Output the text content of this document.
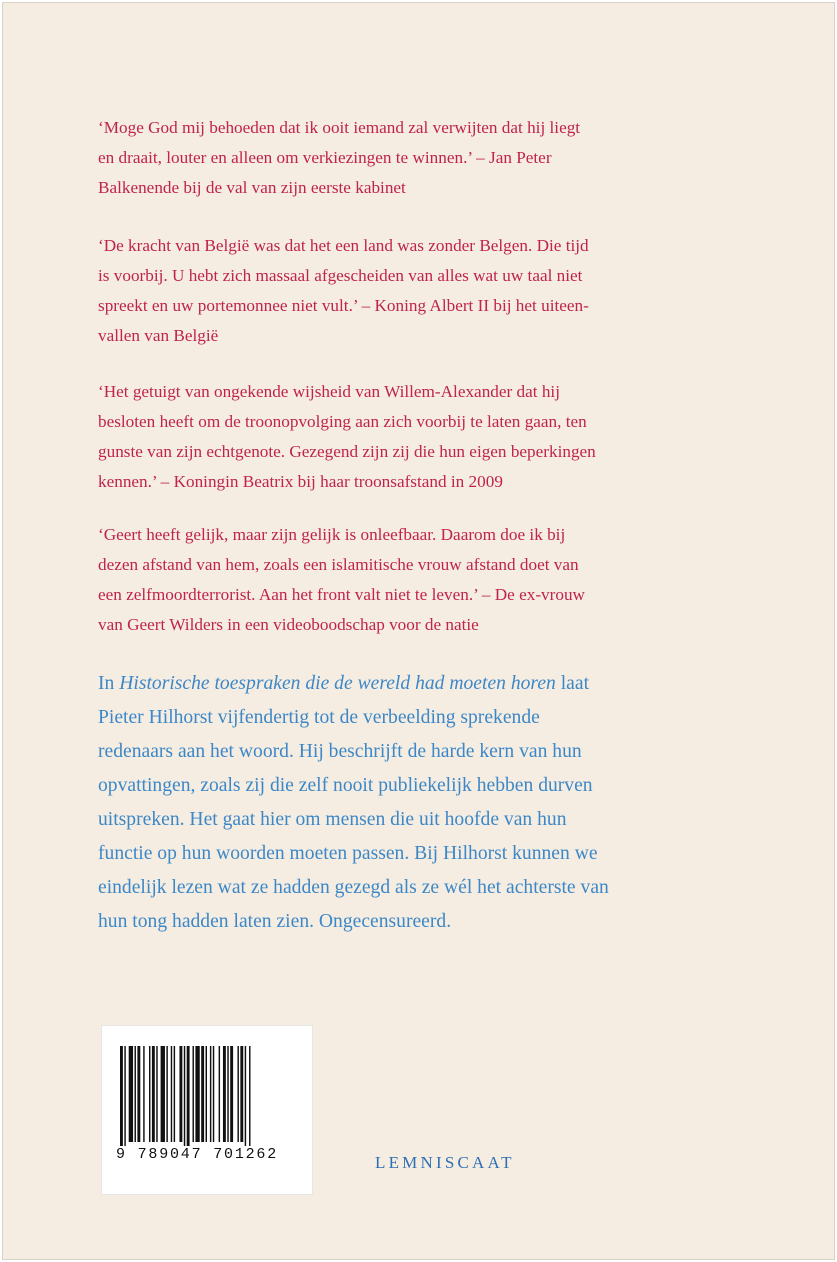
‘Moge God mij behoeden dat ik ooit iemand zal verwijten dat hij liegt
en draait, louter en alleen om verkiezingen te winnen.’ – Jan Peter
Balkenende bij de val van zijn eerste kabinet

‘De kracht van België was dat het een land was zonder Belgen. Die tijd
is voorbij. U hebt zich massaal afgescheiden van alles wat uw taal niet
spreekt en uw portemonnee niet vult.’ – Koning Albert II bij het uiteen-
vallen van België

‘Het getuigt van ongekende wijsheid van Willem-Alexander dat hij
besloten heeft om de troonopvolging aan zich voorbij te laten gaan, ten
gunste van zijn echtgenote. Gezegend zijn zij die hun eigen beperkingen
kennen.’ – Koningin Beatrix bij haar troonsafstand in 2009

‘Geert heeft gelijk, maar zijn gelijk is onleefbaar. Daarom doe ik bij
dezen afstand van hem, zoals een islamitische vrouw afstand doet van
een zelfmoordterrorist. Aan het front valt niet te leven.’ – De ex-vrouw
van Geert Wilders in een videoboodschap voor de natie

In Historische toespraken die de wereld had moeten horen laat
Pieter Hilhorst vijfendertig tot de verbeelding sprekende
redenaars aan het woord. Hij beschrijft de harde kern van hun
opvattingen, zoals zij die zelf nooit publiekelijk hebben durven
uitspreken. Het gaat hier om mensen die uit hoofde van hun
functie op hun woorden moeten passen. Bij Hilhorst kunnen we
eindelijk lezen wat ze hadden gezegd als ze wél het achterste van
hun tong hadden laten zien. Ongecensureerd.

9 789047 701262	LEMNISCAAT
